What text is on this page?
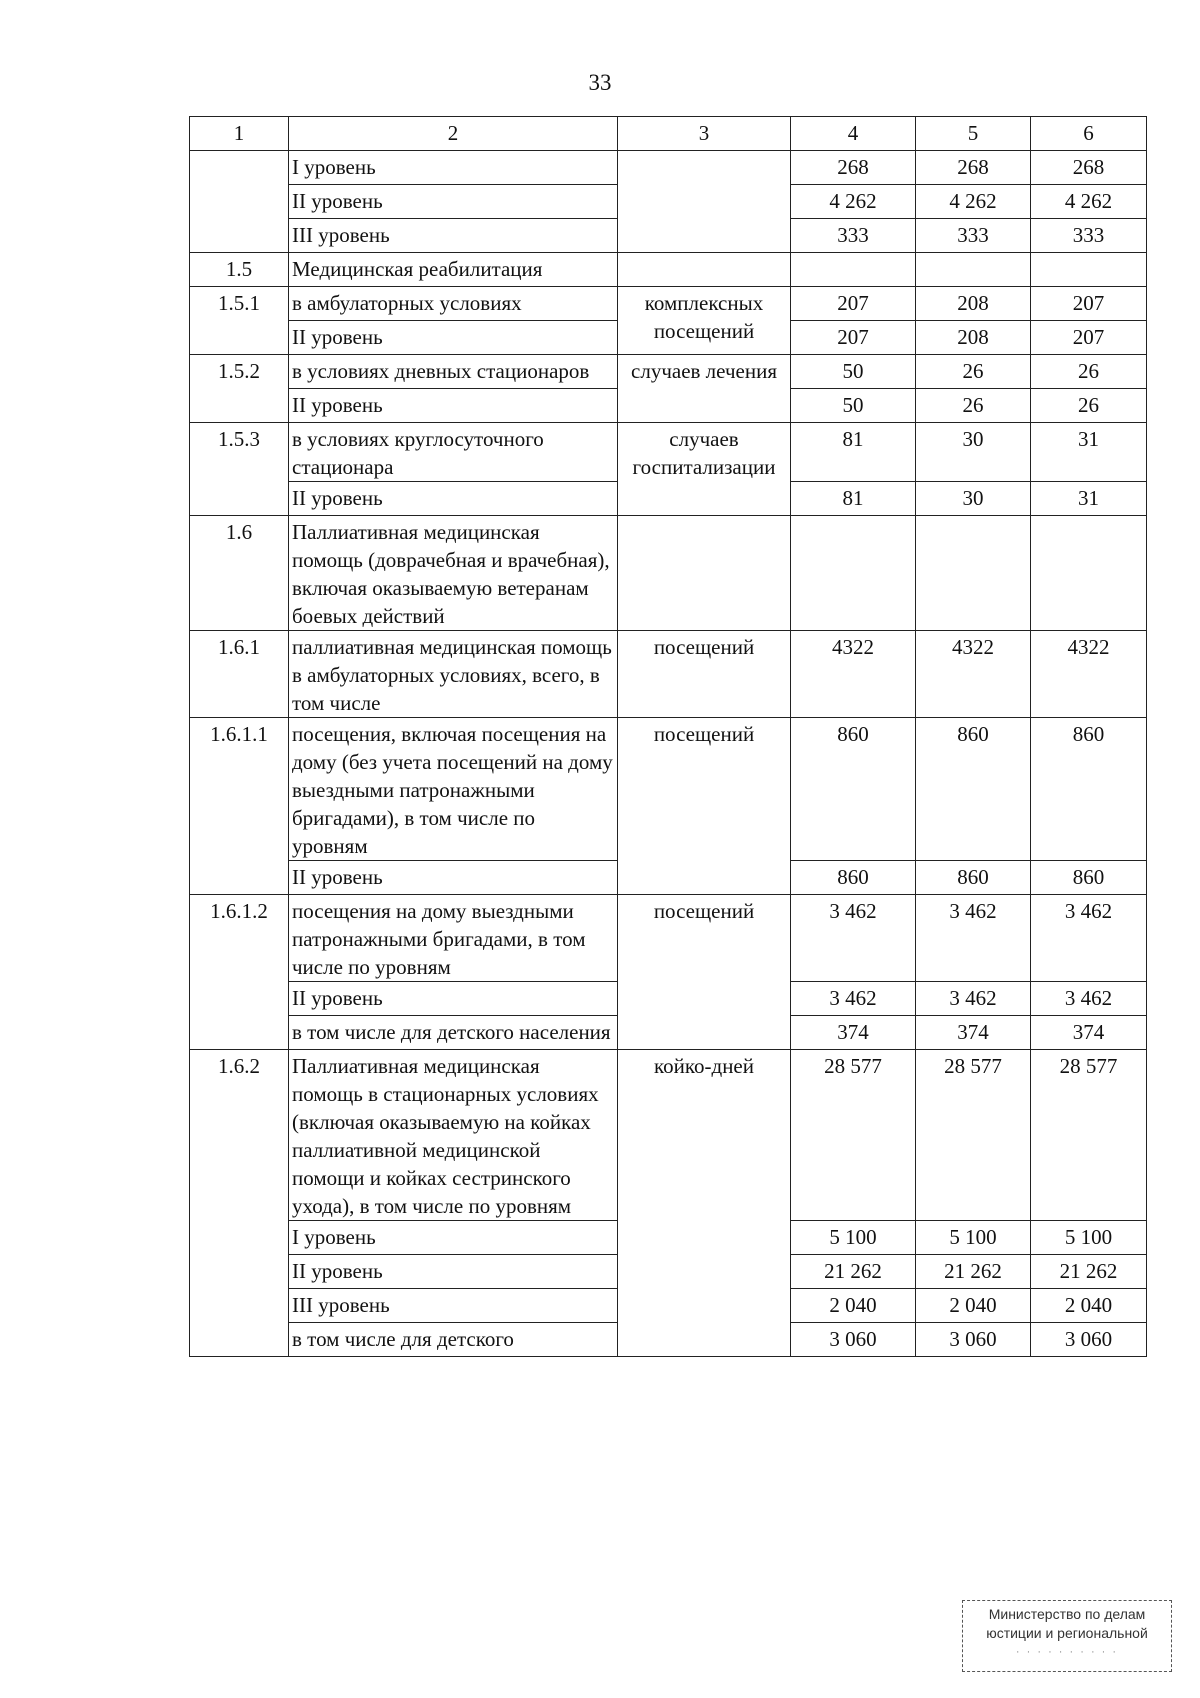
33
1	2	3	4	5	6
	I уровень		268	268	268
	II уровень		4 262	4 262	4 262
	III уровень		333	333	333
1.5	Медицинская реабилитация				
1.5.1	в амбулаторных условиях	комплексных посещений	207	208	207
	II уровень		207	208	207
1.5.2	в условиях дневных стационаров	случаев лечения	50	26	26
	II уровень		50	26	26
1.5.3	в условиях круглосуточного стационара	случаев госпитализации	81	30	31
	II уровень		81	30	31
1.6	Паллиативная медицинская помощь (доврачебная и врачебная), включая оказываемую ветеранам боевых действий				
1.6.1	паллиативная медицинская помощь в амбулаторных условиях, всего, в том числе	посещений	4322	4322	4322
1.6.1.1	посещения, включая посещения на дому (без учета посещений на дому выездными патронажными бригадами), в том числе по уровням	посещений	860	860	860
	II уровень		860	860	860
1.6.1.2	посещения на дому выездными патронажными бригадами, в том числе по уровням	посещений	3 462	3 462	3 462
	II уровень		3 462	3 462	3 462
	в том числе для детского населения		374	374	374
1.6.2	Паллиативная медицинская помощь в стационарных условиях (включая оказываемую на койках паллиативной медицинской помощи и койках сестринского ухода), в том числе по уровням	койко-дней	28 577	28 577	28 577
	I уровень		5 100	5 100	5 100
	II уровень		21 262	21 262	21 262
	III уровень		2 040	2 040	2 040
	в том числе для детского		3 060	3 060	3 060
Министерство по делам
юстиции и региональной
· · · · · · · · · ·
